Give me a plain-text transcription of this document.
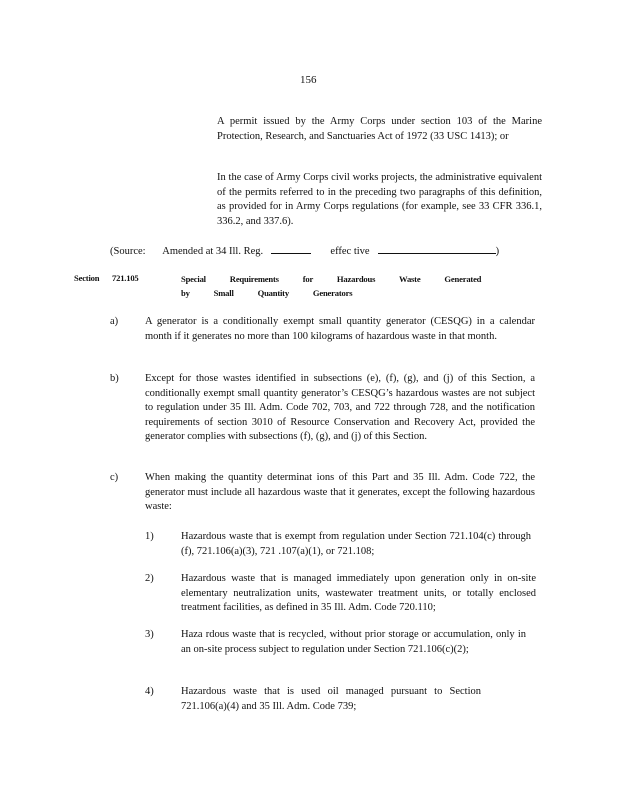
156

A permit issued by the Army Corps under section 103 of the Marine Protection, Research, and Sanctuaries Act of 1972 (33 USC 1413); or

In the case of Army Corps civil works projects, the administrative equivalent of the permits referred to in the preceding two paragraphs of this definition, as provided for in Army Corps regulations (for example, see 33 CFR 336.1, 336.2, and 337.6).

(Source: Amended at 34 Ill. Reg.	effec tive	)
Section 721.105	Special Requirements for Hazardous Waste Generated by Small Quantity Generators
a)	A generator is a conditionally exempt small quantity generator (CESQG) in a calendar month if it generates no more than 100 kilograms of hazardous waste in that month.
b)	Except for those wastes identified in subsections (e), (f), (g), and (j) of this Section, a conditionally exempt small quantity generator’s CESQG’s hazardous wastes are not subject to regulation under 35 Ill. Adm. Code 702, 703, and 722 through 728, and the notification requirements of section 3010 of Resource Conservation and Recovery Act, provided the generator complies with subsections (f), (g), and (j) of this Section.
c)	When making the quantity determinat ions of this Part and 35 Ill. Adm. Code 722, the generator must include all hazardous waste that it generates, except the following hazardous waste:
1)	Hazardous waste that is exempt from regulation under Section 721.104(c) through (f), 721.106(a)(3), 721 .107(a)(1), or 721.108;
2)	Hazardous waste that is managed immediately upon generation only in on-site elementary neutralization units, wastewater treatment units, or totally enclosed treatment facilities, as defined in 35 Ill. Adm. Code 720.110;
3)	Haza rdous waste that is recycled, without prior storage or accumulation, only in an on-site process subject to regulation under Section 721.106(c)(2);
4)	Hazardous waste that is used oil managed pursuant to Section 721.106(a)(4) and 35 Ill. Adm. Code 739;
